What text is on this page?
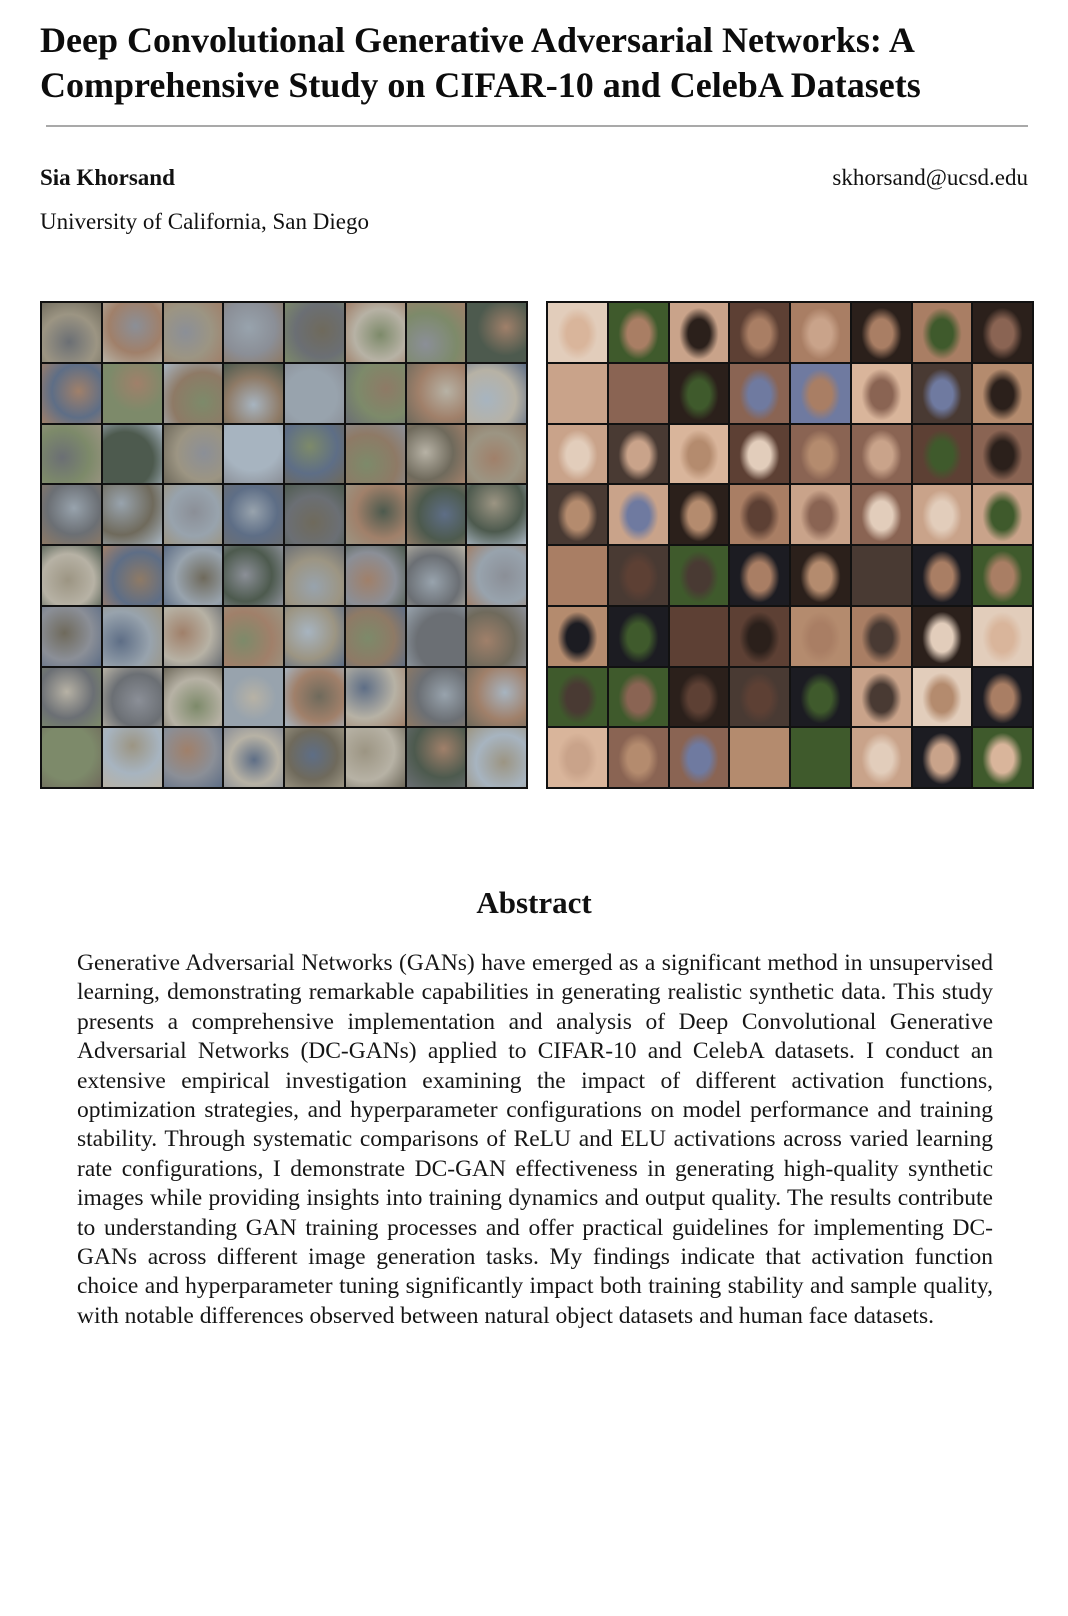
Deep Convolutional Generative Adversarial Networks: A Comprehensive Study on CIFAR-10 and CelebA Datasets
Sia Khorsand	skhorsand@ucsd.edu
University of California, San Diego
Abstract

Generative Adversarial Networks (GANs) have emerged as a significant method in unsupervised learning, demonstrating remarkable capabilities in generating realistic synthetic data. This study presents a comprehensive implementation and analysis of Deep Convolutional Generative Adversarial Networks (DC-GANs) applied to CIFAR-10 and CelebA datasets. I conduct an extensive empirical investigation examining the impact of different activation functions, optimization strategies, and hyperparameter configurations on model performance and training stability. Through systematic comparisons of ReLU and ELU activations across varied learning rate configurations, I demonstrate DC-GAN effectiveness in generating high-quality synthetic images while providing insights into training dynamics and output quality. The results contribute to understanding GAN training processes and offer practical guidelines for implementing DC-GANs across different image generation tasks. My findings indicate that activation function choice and hyperparameter tuning significantly impact both training stability and sample quality, with notable differences observed between natural object datasets and human face datasets.
